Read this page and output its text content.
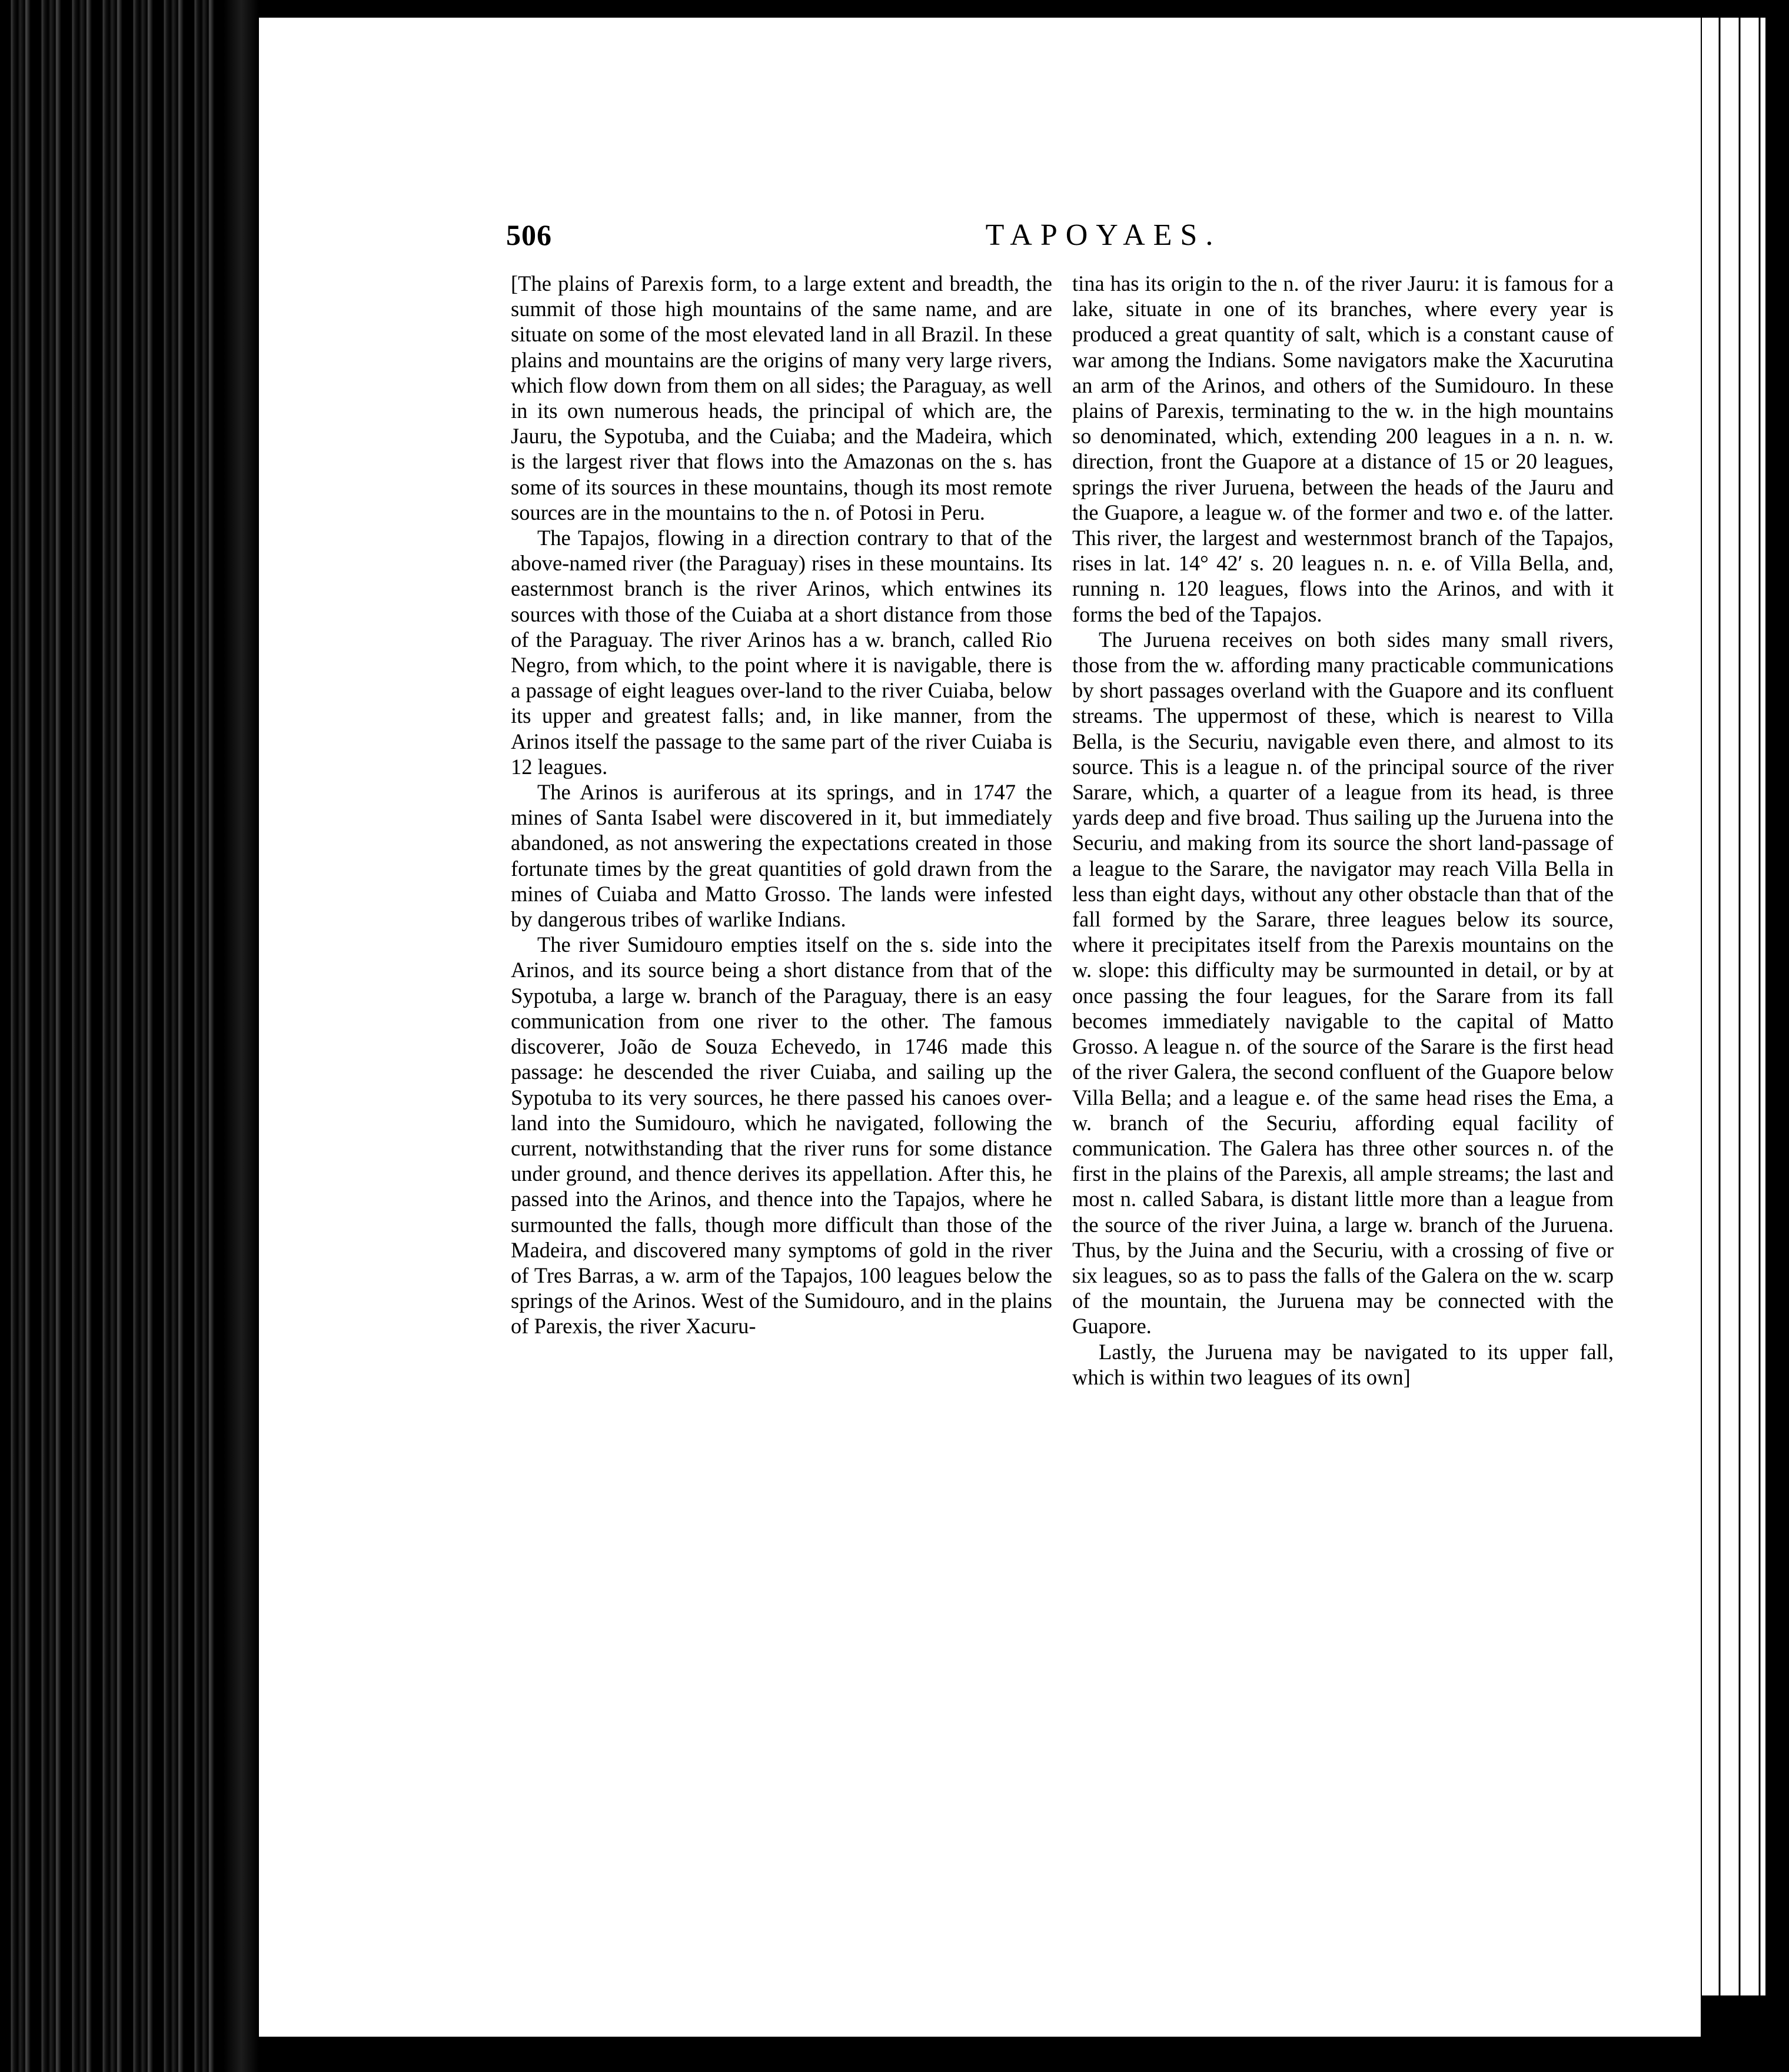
506	TAPOYAES.

[The plains of Parexis form, to a large extent and breadth, the summit of those high mountains of the same name, and are situate on some of the most elevated land in all Brazil. In these plains and mountains are the origins of many very large rivers, which flow down from them on all sides; the Paraguay, as well in its own numerous heads, the principal of which are, the Jauru, the Sypotuba, and the Cuiaba; and the Madeira, which is the largest river that flows into the Amazonas on the s. has some of its sources in these mountains, though its most remote sources are in the mountains to the n. of Potosi in Peru.

The Tapajos, flowing in a direction contrary to that of the above-named river (the Paraguay) rises in these mountains. Its easternmost branch is the river Arinos, which entwines its sources with those of the Cuiaba at a short distance from those of the Paraguay. The river Arinos has a w. branch, called Rio Negro, from which, to the point where it is navigable, there is a passage of eight leagues over-land to the river Cuiaba, below its upper and greatest falls; and, in like manner, from the Arinos itself the passage to the same part of the river Cuiaba is 12 leagues.

The Arinos is auriferous at its springs, and in 1747 the mines of Santa Isabel were discovered in it, but immediately abandoned, as not answering the expectations created in those fortunate times by the great quantities of gold drawn from the mines of Cuiaba and Matto Grosso. The lands were infested by dangerous tribes of warlike Indians.

The river Sumidouro empties itself on the s. side into the Arinos, and its source being a short distance from that of the Sypotuba, a large w. branch of the Paraguay, there is an easy communication from one river to the other. The famous discoverer, João de Souza Echevedo, in 1746 made this passage: he descended the river Cuiaba, and sailing up the Sypotuba to its very sources, he there passed his canoes over-land into the Sumidouro, which he navigated, following the current, notwithstanding that the river runs for some distance under ground, and thence derives its appellation. After this, he passed into the Arinos, and thence into the Tapajos, where he surmounted the falls, though more difficult than those of the Madeira, and discovered many symptoms of gold in the river of Tres Barras, a w. arm of the Tapajos, 100 leagues below the springs of the Arinos. West of the Sumidouro, and in the plains of Parexis, the river Xacuru-

tina has its origin to the n. of the river Jauru: it is famous for a lake, situate in one of its branches, where every year is produced a great quantity of salt, which is a constant cause of war among the Indians. Some navigators make the Xacurutina an arm of the Arinos, and others of the Sumidouro. In these plains of Parexis, terminating to the w. in the high mountains so denominated, which, extending 200 leagues in a n. n. w. direction, front the Guapore at a distance of 15 or 20 leagues, springs the river Juruena, between the heads of the Jauru and the Guapore, a league w. of the former and two e. of the latter. This river, the largest and westernmost branch of the Tapajos, rises in lat. 14° 42′ s. 20 leagues n. n. e. of Villa Bella, and, running n. 120 leagues, flows into the Arinos, and with it forms the bed of the Tapajos.

The Juruena receives on both sides many small rivers, those from the w. affording many practicable communications by short passages overland with the Guapore and its confluent streams. The uppermost of these, which is nearest to Villa Bella, is the Securiu, navigable even there, and almost to its source. This is a league n. of the principal source of the river Sarare, which, a quarter of a league from its head, is three yards deep and five broad. Thus sailing up the Juruena into the Securiu, and making from its source the short land-passage of a league to the Sarare, the navigator may reach Villa Bella in less than eight days, without any other obstacle than that of the fall formed by the Sarare, three leagues below its source, where it precipitates itself from the Parexis mountains on the w. slope: this difficulty may be surmounted in detail, or by at once passing the four leagues, for the Sarare from its fall becomes immediately navigable to the capital of Matto Grosso. A league n. of the source of the Sarare is the first head of the river Galera, the second confluent of the Guapore below Villa Bella; and a league e. of the same head rises the Ema, a w. branch of the Securiu, affording equal facility of communication. The Galera has three other sources n. of the first in the plains of the Parexis, all ample streams; the last and most n. called Sabara, is distant little more than a league from the source of the river Juina, a large w. branch of the Juruena. Thus, by the Juina and the Securiu, with a crossing of five or six leagues, so as to pass the falls of the Galera on the w. scarp of the mountain, the Juruena may be connected with the Guapore.

Lastly, the Juruena may be navigated to its upper fall, which is within two leagues of its own]
